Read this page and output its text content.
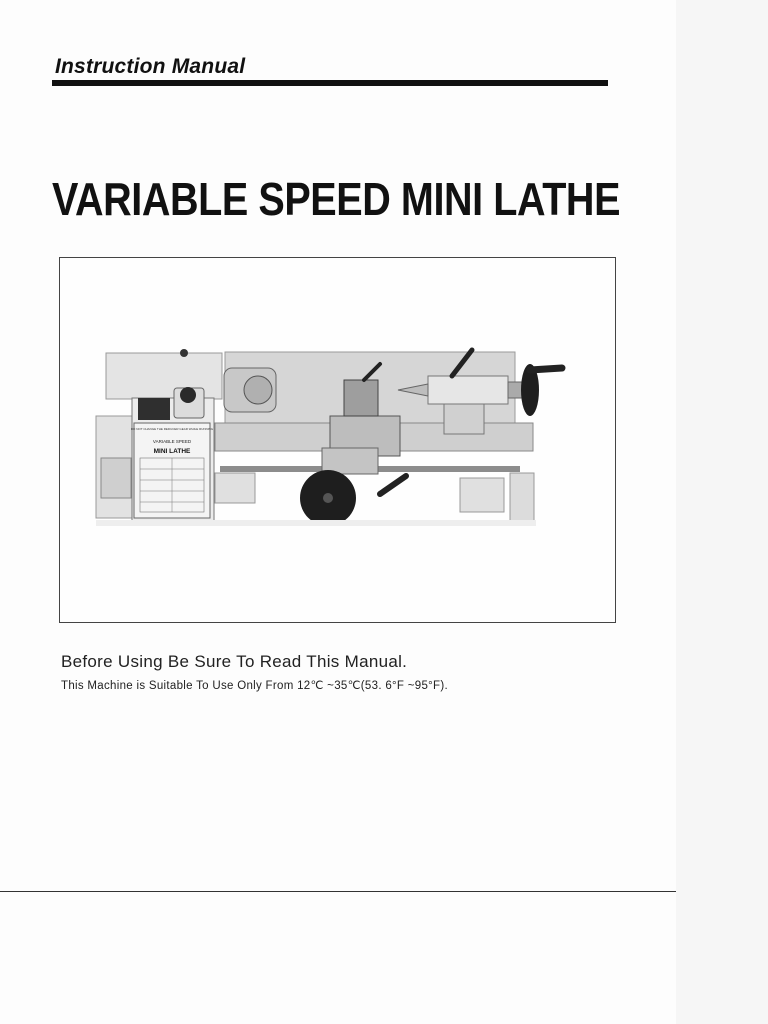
Instruction Manual
VARIABLE SPEED MINI LATHE
DO NOT CHANGE THE REDUCER GEAR WHILE RUNNING
VARIABLE SPEED
MINI LATHE
Before Using Be Sure To Read This Manual.
This Machine is Suitable To Use Only From 12℃ ~35℃(53. 6°F ~95°F).
